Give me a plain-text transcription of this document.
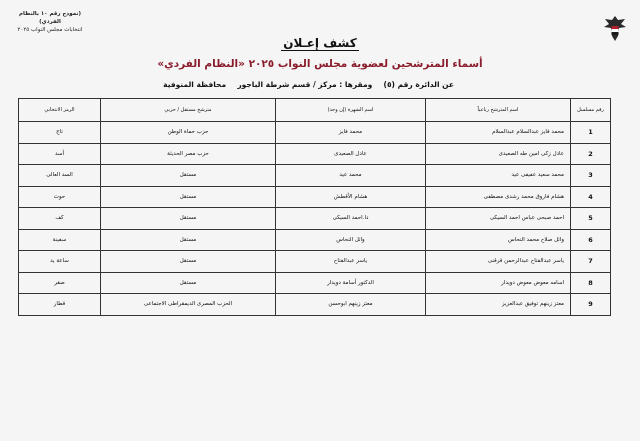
(نموذج رقم ١٠ بالنظام الفردي)
انتخابات مجلس النواب ٢٠٢٥
كشف إعـلان
أسماء المترشحين لعضوية مجلس النواب ٢٠٢٥ «النظام الفردي»
عن الدائرة رقم (٥)  ومقرها : مركز / قسم شرطة الباجور  محافظة المنوفية
رقم مسلسل	اسم المترشح رباعياً	اسم الشهرة (إن وجد)	مترشح مستقل / حزبي	الرمز الانتخابي
1	محمد فايز عبدالسلام عبدالسلام	محمد فايز	حزب حماة الوطن	تاج
2	عادل زكى امين طه الصعيدى	عادل الصعيدى	حزب مصر الحديثة	أسد
3	محمد سعيد عفيفى عيد	محمد عيد	مستقل	السد العالى
4	هشام فاروق محمد رشدى مصطفى	هشام الأقطش	مستقل	حوت
5	احمد صبحى عباس احمد السيكى	دا.احمد السيكى	مستقل	كف
6	وائل صلاح محمد النحاس	وائل النحاس	مستقل	سفينة
7	ياسر عبدالفتاح عبدالرحمن قرقنى	ياسر عبدالفتاح	مستقل	ساعة يد
8	اسامه معوض معوض دويدار	الدكتور أسامة دويدار	مستقل	صقر
9	معتز زينهم توفيق عبدالعزيز	معتز زينهم ابوحسن	الحزب المصرى الديمقراطى الاجتماعى	قطار
